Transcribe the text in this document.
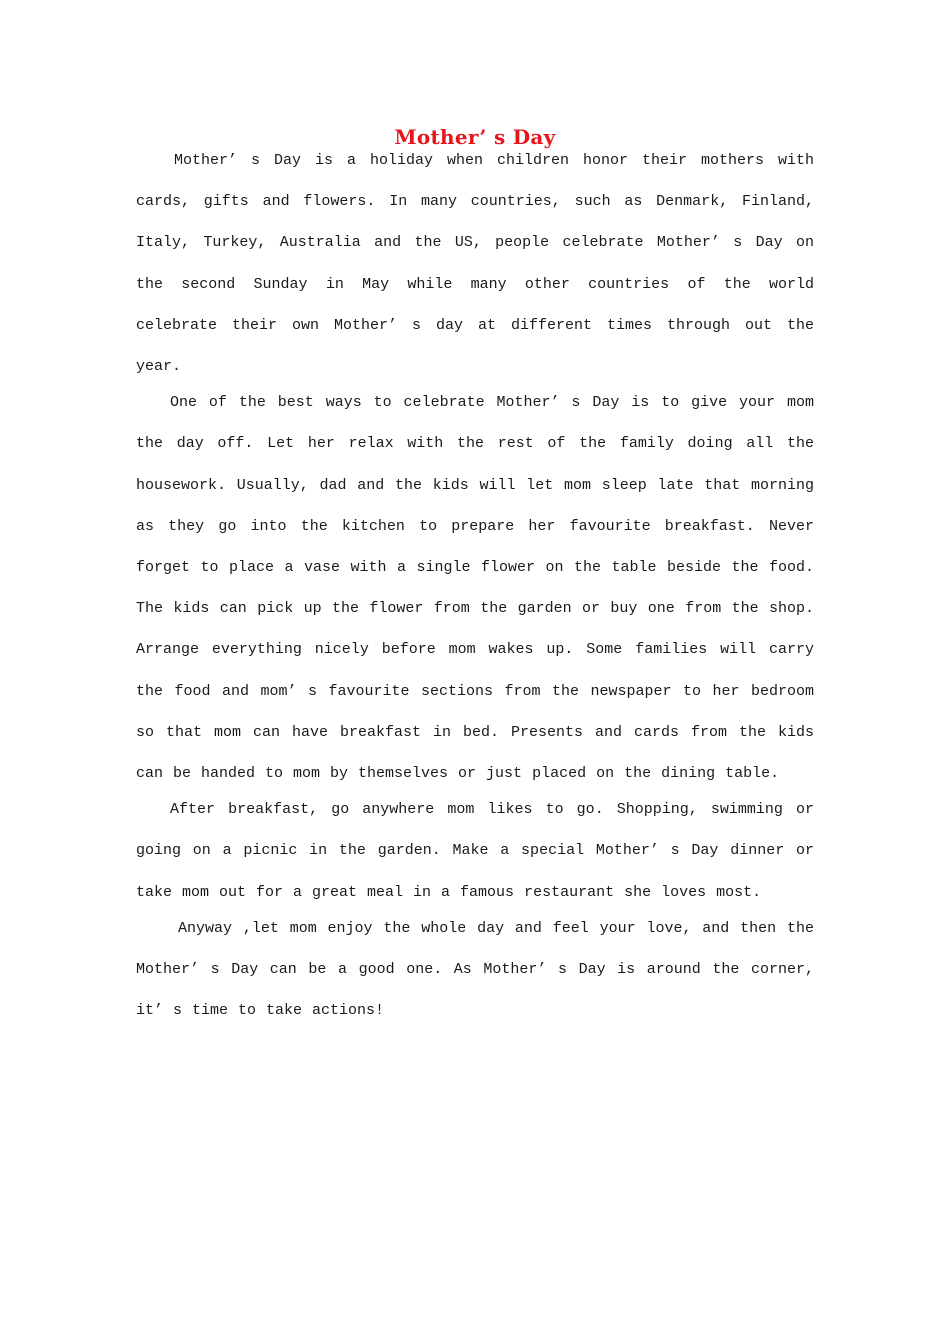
Mother’ s Day

Mother’ s Day is a holiday when children honor their mothers with cards, gifts and flowers. In many countries, such as Denmark, Finland, Italy, Turkey, Australia and the US, people celebrate Mother’ s Day on the second Sunday in May while many other countries of the world celebrate their own Mother’ s day at different times through out the year.

One of the best ways to celebrate Mother’ s Day is to give your mom the day off. Let her relax with the rest of the family doing all the housework. Usually, dad and the kids will let mom sleep late that morning as they go into the kitchen to prepare her favourite breakfast. Never forget to place a vase with a single flower on the table beside the food. The kids can pick up the flower from the garden or buy one from the shop. Arrange everything nicely before mom wakes up. Some families will carry the food and mom’ s favourite sections from the newspaper to her bedroom so that mom can have breakfast in bed. Presents and cards from the kids can be handed to mom by themselves or just placed on the dining table.

After breakfast, go anywhere mom likes to go. Shopping, swimming or going on a picnic in the garden. Make a special Mother’ s Day dinner or take mom out for a great meal in a famous restaurant she loves most.

Anyway ,let mom enjoy the whole day and feel your love, and then the Mother’ s Day can be a good one. As Mother’ s Day is around the corner, it’ s time to take actions!
